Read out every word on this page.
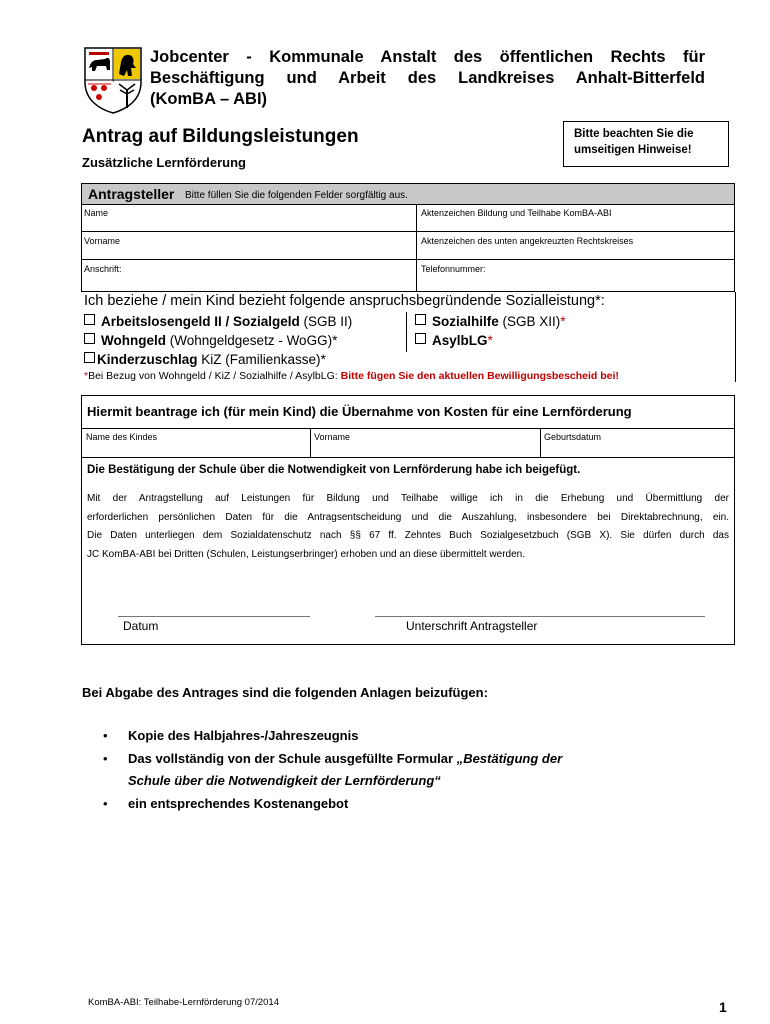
Jobcenter - Kommunale Anstalt des öffentlichen Rechts für
Beschäftigung und Arbeit des Landkreises Anhalt-Bitterfeld
(KomBA – ABI)
Antrag auf Bildungsleistungen
Zusätzliche Lernförderung
Bitte beachten Sie die
umseitigen Hinweise!
Antragsteller Bitte füllen Sie die folgenden Felder sorgfältig aus.
Name	Aktenzeichen Bildung und Teilhabe KomBA-ABI
Vorname	Aktenzeichen des unten angekreuzten Rechtskreises
Anschrift:	Telefonnummer:
Ich beziehe / mein Kind bezieht folgende anspruchsbegründende Sozialleistung*:
Arbeitslosengeld II / Sozialgeld (SGB II)
Wohngeld (Wohngeldgesetz - WoGG)*
Kinderzuschlag KiZ (Familienkasse)*
Sozialhilfe (SGB XII)*
AsylbLG*
*Bei Bezug von Wohngeld / KiZ / Sozialhilfe / AsylbLG: Bitte fügen Sie den aktuellen Bewilligungsbescheid bei!
Hiermit beantrage ich (für mein Kind) die Übernahme von Kosten für eine Lernförderung
Name des Kindes	Vorname	Geburtsdatum
Die Bestätigung der Schule über die Notwendigkeit von Lernförderung habe ich beigefügt.
Mit der Antragstellung auf Leistungen für Bildung und Teilhabe willige ich in die Erhebung und Übermittlung der
erforderlichen persönlichen Daten für die Antragsentscheidung und die Auszahlung, insbesondere bei Direktabrechnung, ein.
Die Daten unterliegen dem Sozialdatenschutz nach §§ 67 ff. Zehntes Buch Sozialgesetzbuch (SGB X). Sie dürfen durch das
JC KomBA-ABI bei Dritten (Schulen, Leistungserbringer) erhoben und an diese übermittelt werden.
Datum	Unterschrift Antragsteller
Bei Abgabe des Antrages sind die folgenden Anlagen beizufügen:
• Kopie des Halbjahres-/Jahreszeugnis
• Das vollständig von der Schule ausgefüllte Formular „Bestätigung der
Schule über die Notwendigkeit der Lernförderung“
• ein entsprechendes Kostenangebot
KomBA-ABI: Teilhabe-Lernförderung 07/2014	1
